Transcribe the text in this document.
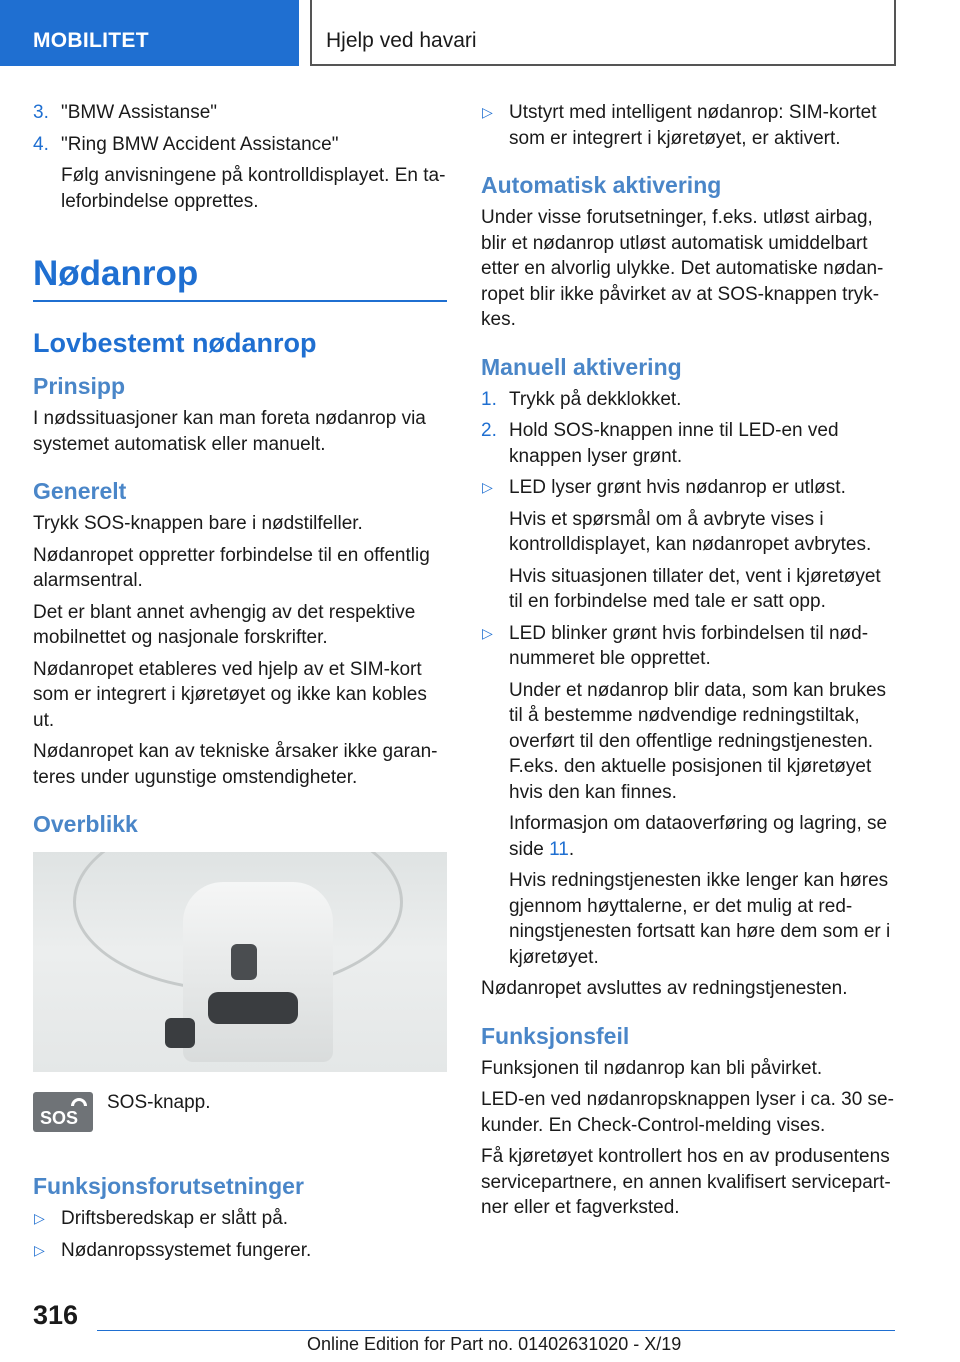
MOBILITET	Hjelp ved havari
3. "BMW Assistanse"
4. "Ring BMW Accident Assistance"
Følg anvisningene på kontrolldisplayet. En taleforbindelse opprettes.
Nødanrop
Lovbestemt nødanrop
Prinsipp
I nødssituasjoner kan man foreta nødanrop via systemet automatisk eller manuelt.
Generelt
Trykk SOS-knappen bare i nødstilfeller.
Nødanropet oppretter forbindelse til en offentlig alarmsentral.
Det er blant annet avhengig av det respektive mobilnettet og nasjonale forskrifter.
Nødanropet etableres ved hjelp av et SIM-kort som er integrert i kjøretøyet og ikke kan kobles ut.
Nødanropet kan av tekniske årsaker ikke garanteres under ugunstige omstendigheter.
Overblikk
SOS
SOS-knapp.
Funksjonsforutsetninger
▷ Driftsberedskap er slått på.
▷ Nødanropssystemet fungerer.
▷ Utstyrt med intelligent nødanrop: SIM-kortet som er integrert i kjøretøyet, er aktivert.
Automatisk aktivering
Under visse forutsetninger, f.eks. utløst airbag, blir et nødanrop utløst automatisk umiddelbart etter en alvorlig ulykke. Det automatiske nødanropet blir ikke påvirket av at SOS-knappen trykkes.
Manuell aktivering
1. Trykk på dekklokket.
2. Hold SOS-knappen inne til LED-en ved knappen lyser grønt.
▷ LED lyser grønt hvis nødanrop er utløst.
Hvis et spørsmål om å avbryte vises i kontrolldisplayet, kan nødanropet avbrytes.
Hvis situasjonen tillater det, vent i kjøretøyet til en forbindelse med tale er satt opp.
▷ LED blinker grønt hvis forbindelsen til nødnummeret ble opprettet.
Under et nødanrop blir data, som kan brukes til å bestemme nødvendige redningstiltak, overført til den offentlige redningstjenesten. F.eks. den aktuelle posisjonen til kjøretøyet hvis den kan finnes.
Informasjon om dataoverføring og lagring, se side 11.
Hvis redningstjenesten ikke lenger kan høres gjennom høyttalerne, er det mulig at redningstjenesten fortsatt kan høre dem som er i kjøretøyet.
Nødanropet avsluttes av redningstjenesten.
Funksjonsfeil
Funksjonen til nødanrop kan bli påvirket.
LED-en ved nødanropsknappen lyser i ca. 30 sekunder. En Check-Control-melding vises.
Få kjøretøyet kontrollert hos en av produsentens servicepartnere, en annen kvalifisert servicepartner eller et fagverksted.
316
Online Edition for Part no. 01402631020 - X/19
